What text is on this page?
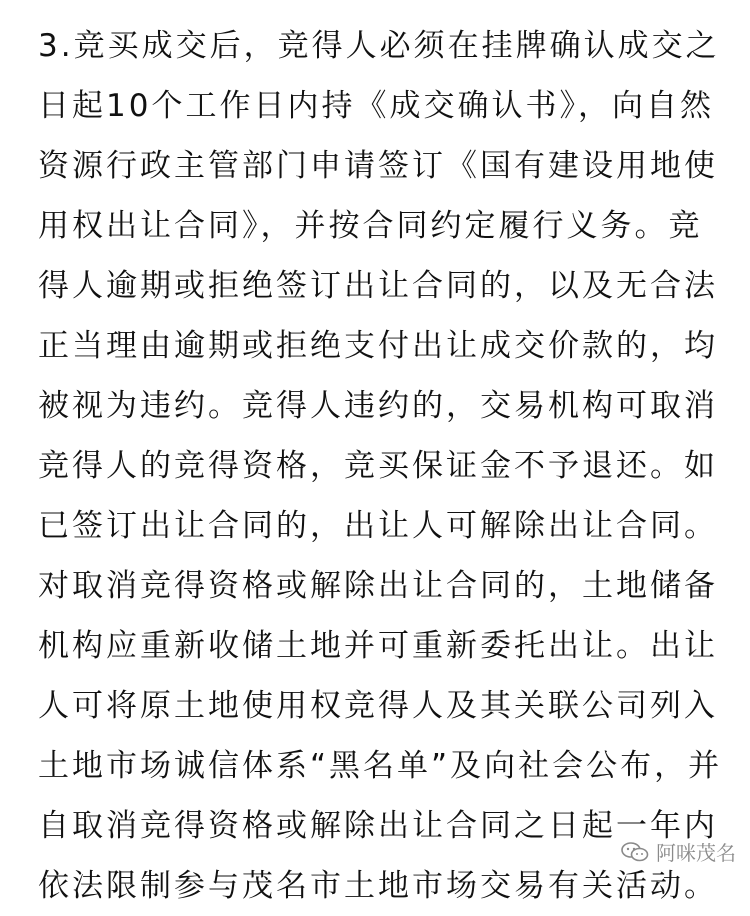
3.竞买成交后，竞得人必须在挂牌确认成交之
日起10个工作日内持《成交确认书》，向自然
资源行政主管部门申请签订《国有建设用地使
用权出让合同》，并按合同约定履行义务。竞
得人逾期或拒绝签订出让合同的，以及无合法
正当理由逾期或拒绝支付出让成交价款的，均
被视为违约。竞得人违约的，交易机构可取消
竞得人的竞得资格，竞买保证金不予退还。如
已签订出让合同的，出让人可解除出让合同。
对取消竞得资格或解除出让合同的，土地储备
机构应重新收储土地并可重新委托出让。出让
人可将原土地使用权竞得人及其关联公司列入
土地市场诚信体系“黑名单”及向社会公布，并
自取消竞得资格或解除出让合同之日起一年内
依法限制参与茂名市土地市场交易有关活动。
阿咪茂名
